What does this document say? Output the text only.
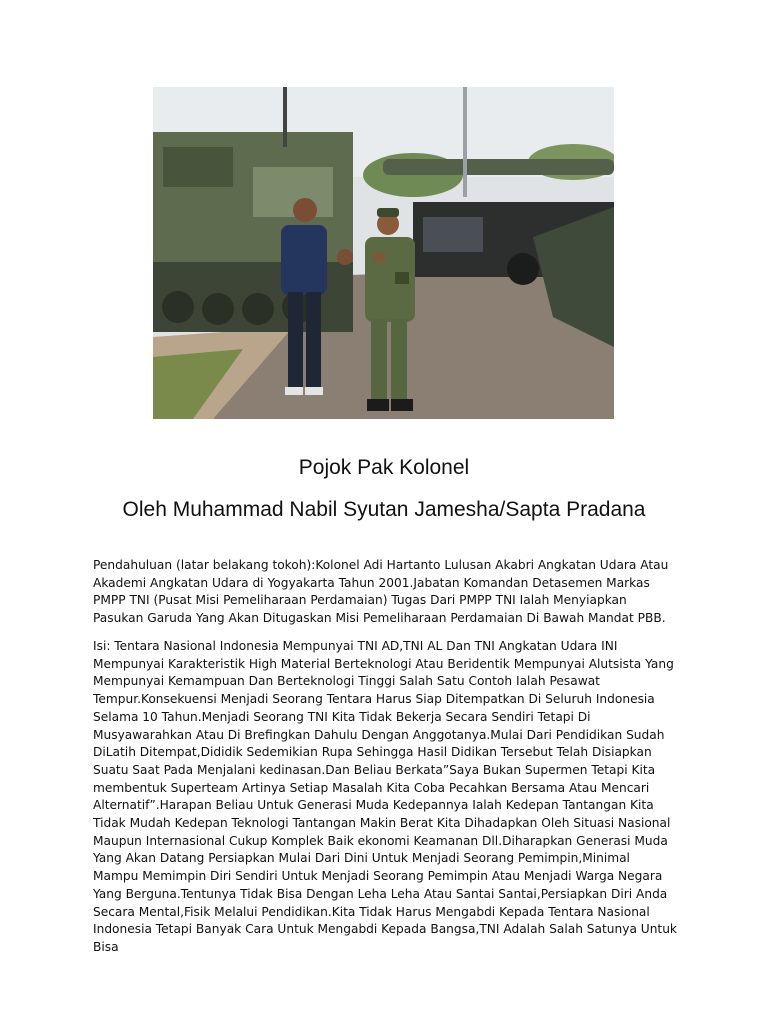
Pojok Pak Kolonel
Oleh Muhammad Nabil Syutan Jamesha/Sapta Pradana

Pendahuluan (latar belakang tokoh):Kolonel Adi Hartanto Lulusan Akabri Angkatan Udara Atau Akademi Angkatan Udara di Yogyakarta Tahun 2001.Jabatan Komandan Detasemen Markas PMPP TNI (Pusat Misi Pemeliharaan Perdamaian) Tugas Dari PMPP TNI Ialah Menyiapkan Pasukan Garuda Yang Akan Ditugaskan Misi Pemeliharaan Perdamaian Di Bawah Mandat PBB.

Isi: Tentara Nasional Indonesia Mempunyai TNI AD,TNI AL Dan TNI Angkatan Udara INI Mempunyai Karakteristik High Material Berteknologi Atau Beridentik Mempunyai Alutsista Yang Mempunyai Kemampuan Dan Berteknologi Tinggi Salah Satu Contoh Ialah Pesawat Tempur.Konsekuensi Menjadi Seorang Tentara Harus Siap Ditempatkan Di Seluruh Indonesia Selama 10 Tahun.Menjadi Seorang TNI Kita Tidak Bekerja Secara Sendiri Tetapi Di Musyawarahkan Atau Di Brefingkan Dahulu Dengan Anggotanya.Mulai Dari Pendidikan Sudah DiLatih Ditempat,Dididik Sedemikian Rupa Sehingga Hasil Didikan Tersebut Telah Disiapkan Suatu Saat Pada Menjalani kedinasan.Dan Beliau Berkata”Saya Bukan Supermen Tetapi Kita membentuk Superteam Artinya Setiap Masalah Kita Coba Pecahkan Bersama Atau Mencari Alternatif”.Harapan Beliau Untuk Generasi Muda Kedepannya Ialah Kedepan Tantangan Kita Tidak Mudah Kedepan Teknologi Tantangan Makin Berat Kita Dihadapkan Oleh Situasi Nasional Maupun Internasional Cukup Komplek Baik ekonomi Keamanan Dll.Diharapkan Generasi Muda Yang Akan Datang Persiapkan Mulai Dari Dini Untuk Menjadi Seorang Pemimpin,Minimal Mampu Memimpin Diri Sendiri Untuk Menjadi Seorang Pemimpin Atau Menjadi Warga Negara Yang Berguna.Tentunya Tidak Bisa Dengan Leha Leha Atau Santai Santai,Persiapkan Diri Anda Secara Mental,Fisik Melalui Pendidikan.Kita Tidak Harus Mengabdi Kepada Tentara Nasional Indonesia Tetapi Banyak Cara Untuk Mengabdi Kepada Bangsa,TNI Adalah Salah Satunya Untuk Bisa
